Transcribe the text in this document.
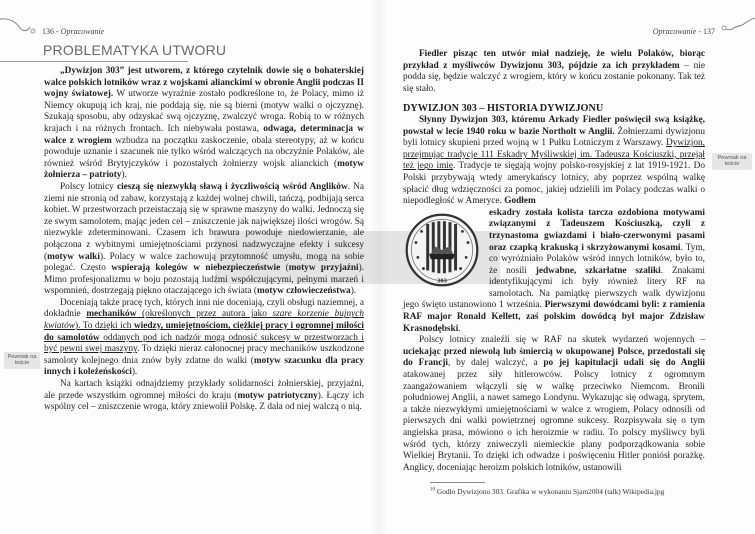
136 - Opracowanie
PROBLEMATYKA UTWORU

„Dywizjon 303” jest utworem, z którego czytelnik dowie się o bohaterskiej walce polskich lotników wraz z wojskami alianckimi w obronie Anglii podczas II wojny światowej. W utworze wyraźnie zostało podkreślone to, że Polacy, mimo iż Niemcy okupują ich kraj, nie poddają się, nie są bierni (motyw walki o ojczyznę). Szukają sposobu, aby odzyskać swą ojczyznę, zwalczyć wroga. Robią to w różnych krajach i na różnych frontach. Ich niebywała postawa, odwaga, determinacja w walce z wrogiem wzbudza na początku zaskoczenie, obala stereotypy, aż w końcu powoduje uznanie i szacunek nie tylko wśród walczących na obczyźnie Polaków, ale również wśród Brytyjczyków i pozostałych żołnierzy wojsk alianckich (motyw żołnierza – patrioty).

Polscy lotnicy cieszą się niezwykłą sławą i życzliwością wśród Anglików. Na ziemi nie stronią od zabaw, korzystają z każdej wolnej chwili, tańczą, podbijają serca kobiet. W przestworzach przeistaczają się w sprawne maszyny do walki. Jednoczą się ze swym samolotem, mając jeden cel – zniszczenie jak największej ilości wrogów. Są niezwykle zdeterminowani. Czasem ich brawura powoduje niedowierzanie, ale połączona z wybitnymi umiejętnościami przynosi nadzwyczajne efekty i sukcesy (motyw walki). Polacy w walce zachowują przytomność umysłu, mogą na sobie polegać. Często wspierają kolegów w niebezpieczeństwie (motyw przyjaźni). Mimo profesjonalizmu w boju pozostają ludźmi współczującymi, pełnymi marzeń i wspomnień, dostrzegają piękno otaczającego ich świata (motyw człowieczeństwa).

Doceniają także pracę tych, których inni nie doceniają, czyli obsługi naziemnej, a dokładnie mechaników (określonych przez autora jako szare korzenie bujnych kwiatów). To dzięki ich wiedzy, umiejętnościom, ciężkiej pracy i ogromnej miłości do samolotów oddanych pod ich nadzór mogą odnosić sukcesy w przestworzach i być pewni swej maszyny. To dzięki nieraz całonocnej pracy mechaników uszkodzone samoloty kolejnego dnia znów były zdatne do walki (motyw szacunku dla pracy innych i koleżeńskości).

Na kartach książki odnajdziemy przykłady solidarności żołnierskiej, przyjaźni, ale przede wszystkim ogromnej miłości do kraju (motyw patriotyczny). Łączy ich wspólny cel – zniszczenie wroga, który zniewolił Polskę. Z dala od niej walczą o nią.

Pewniak na teście
Opracowanie - 137

Fiedler pisząc ten utwór miał nadzieję, że wielu Polaków, biorąc przykład z myśliwców Dywizjonu 303, pójdzie za ich przykładem – nie podda się, będzie walczyć z wrogiem, który w końcu zostanie pokonany. Tak też się stało.

DYWIZJON 303 – HISTORIA DYWIZJONU

Słynny Dywizjon 303, któremu Arkady Fiedler poświęcił swą książkę, powstał w lecie 1940 roku w bazie Northolt w Anglii. Żołnierzami dywizjonu byli lotnicy skupieni przed wojną w 1 Pułku Lotniczym z Warszawy. Dywizjon, przejmując tradycje 111 Eskadry Myśliwskiej im. Tadeusza Kościuszki, przejął też jego imię. Tradycje te sięgają wojny polsko-rosyjskiej z lat 1919-1921. Do Polski przybywają wtedy amerykańscy lotnicy, aby poprzez wspólną walkę spłacić dług wdzięczności za pomoc, jakiej udzielili im Polacy podczas walki o niepodległość w Ameryce. Godłem

303

eskadry została kolista tarcza ozdobiona motywami związanymi z Tadeuszem Kościuszką, czyli z trzynastoma gwiazdami i biało-czerwonymi pasami oraz czapką krakuską i skrzyżowanymi kosami. Tym, co wyróżniało Polaków wśród innych lotników, było to, że nosili jedwabne, szkarłatne szaliki. Znakami identyfikującymi ich były również litery RF na samolotach. Na pamiątkę pierwszych walk dywizjonu jego święto ustanowiono 1 września. Pierwszymi dowódcami byli: z ramienia RAF major Ronald Kellett, zaś polskim dowódcą był major Zdzisław Krasnodębski.

Polscy lotnicy znaleźli się w RAF na skutek wydarzeń wojennych – uciekając przed niewolą lub śmiercią w okupowanej Polsce, przedostali się do Francji, by dalej walczyć, a po jej kapitulacji udali się do Anglii atakowanej przez siły hitlerowców. Polscy lotnicy z ogromnym zaangażowaniem włączyli się w walkę przeciwko Niemcom. Bronili południowej Anglii, a nawet samego Londynu. Wykazując się odwagą, sprytem, a także niezwykłymi umiejętnościami w walce z wrogiem, Polacy odnosili od pierwszych dni walki powietrznej ogromne sukcesy. Rozpisywała się o tym angielska prasa, mówiono o ich heroizmie w radiu. To polscy myśliwcy byli wśród tych, którzy zniweczyli niemieckie plany podporządkowania sobie Wielkiej Brytanii. To dzięki ich odwadze i poświęceniu Hitler poniósł porażkę. Anglicy, doceniając heroizm polskich lotników, ustanowili

Pewniak na teście
$^{10}$ Godło Dywizjonu 303. Grafika w wykonaniu Sjam2004 (talk) Wikipedia.jpg
